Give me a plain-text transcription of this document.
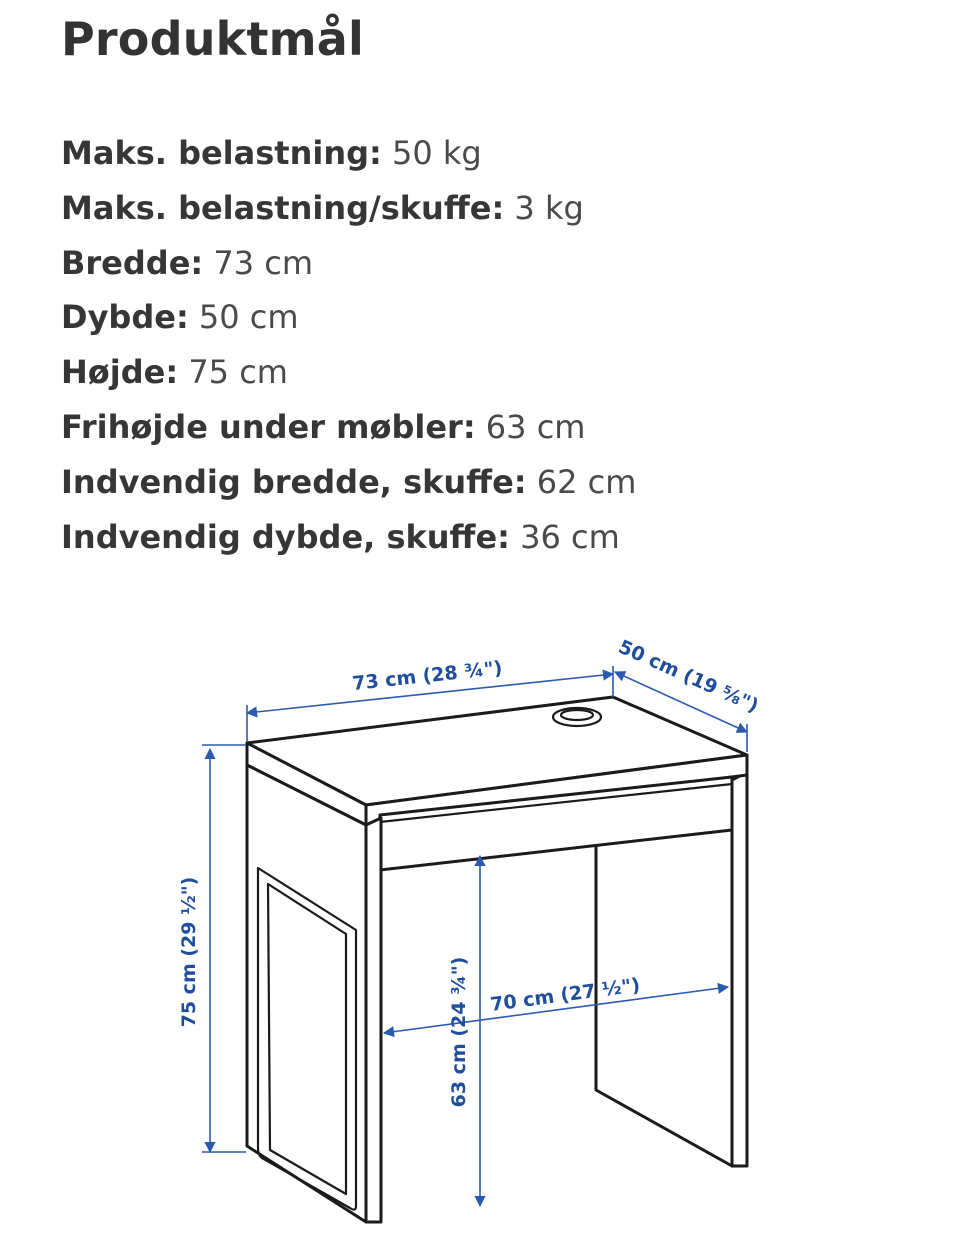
Produktmål
Maks. belastning: 50 kg
Maks. belastning/skuffe: 3 kg
Bredde: 73 cm
Dybde: 50 cm
Højde: 75 cm
Frihøjde under møbler: 63 cm
Indvendig bredde, skuffe: 62 cm
Indvendig dybde, skuffe: 36 cm
73 cm (28 ¾")	50 cm (19 ⅝")
75 cm (29 ½")
63 cm (24 ¾") 70 cm (27 ½")
